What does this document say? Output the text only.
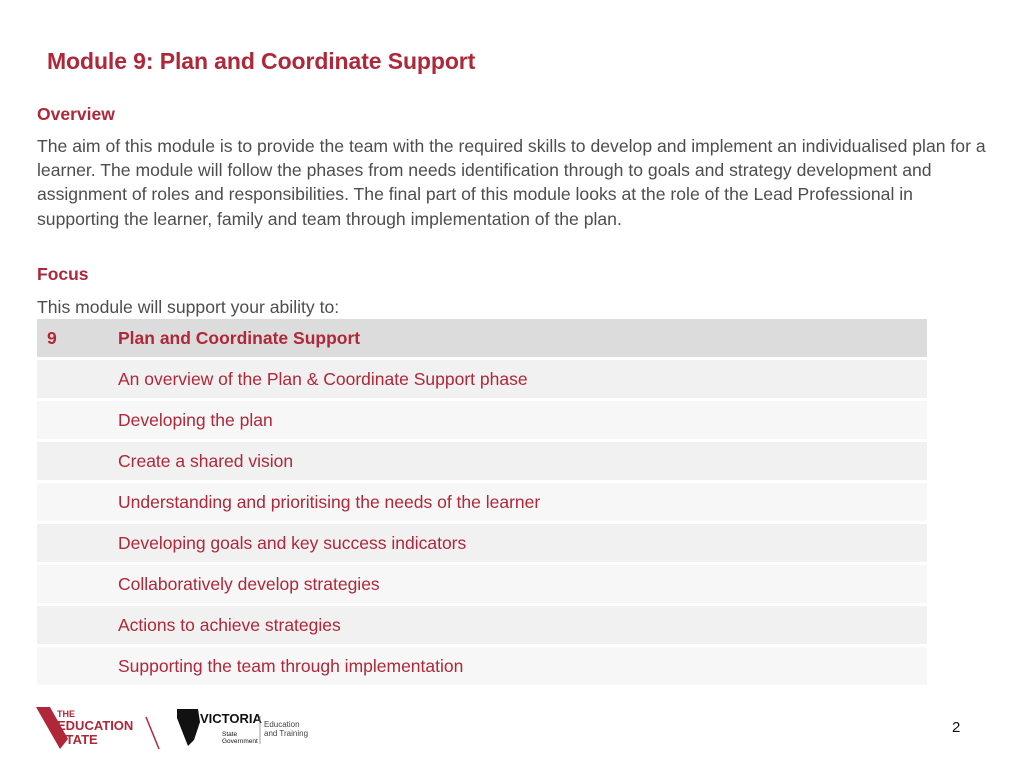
Module 9: Plan and Coordinate Support
Overview
The aim of this module is to provide the team with the required skills to develop and implement an individualised plan for a learner. The module will follow the phases from needs identification through to goals and strategy development and assignment of roles and responsibilities. The final part of this module looks at the role of the Lead Professional in supporting the learner, family and team through implementation of the plan.
Focus
This module will support your ability to:
9	Plan and Coordinate Support
An overview of the Plan & Coordinate Support phase
Developing the plan
Create a shared vision
Understanding and prioritising the needs of the learner
Developing goals and key success indicators
Collaboratively develop strategies
Actions to achieve strategies
Supporting the team through implementation
THE
EDUCATION
STATE
VICTORIA
State
Government
Education
and Training	2
